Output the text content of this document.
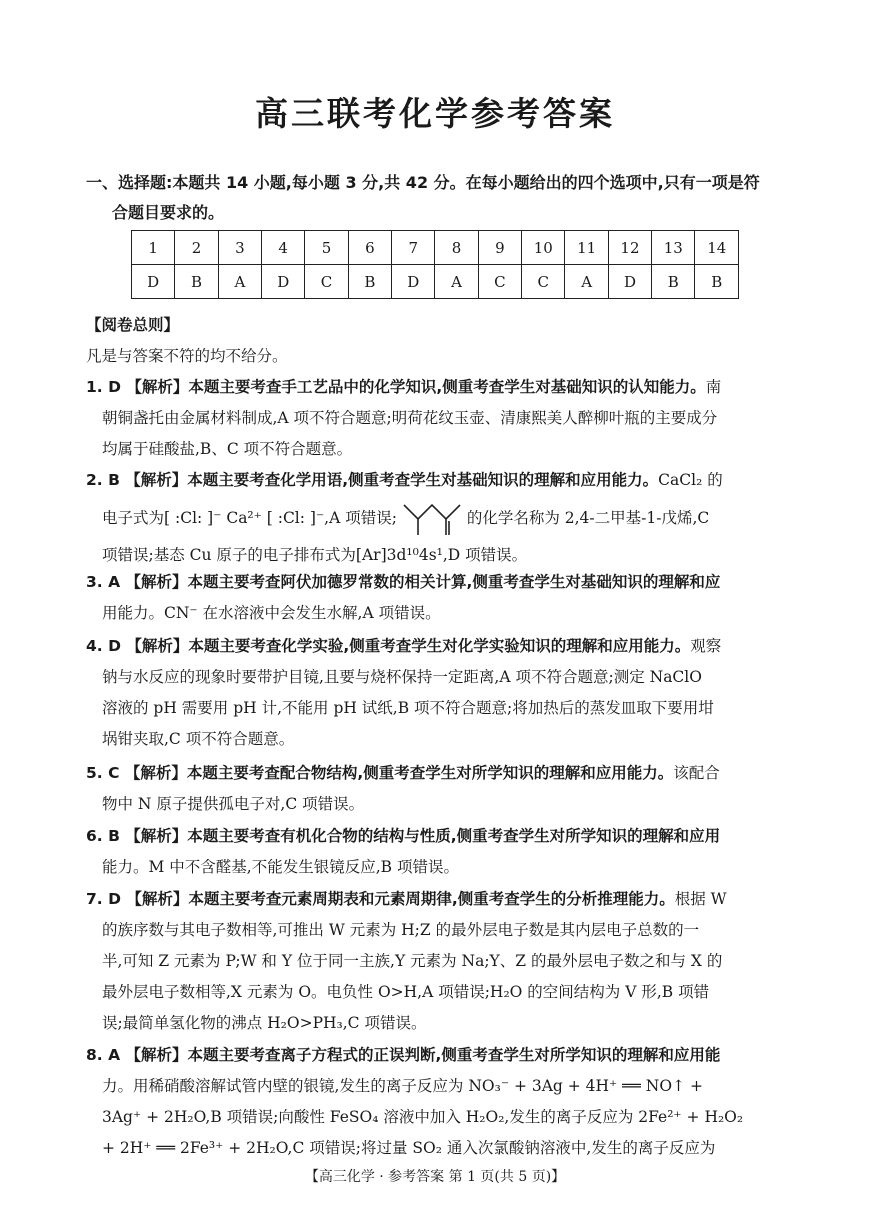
高三联考化学参考答案
一、选择题:本题共 14 小题,每小题 3 分,共 42 分。在每小题给出的四个选项中,只有一项是符
合题目要求的。
1	2	3	4	5	6	7	8	9	10	11	12	13	14
D	B	A	D	C	B	D	A	C	C	A	D	B	B
【阅卷总则】
凡是与答案不符的均不给分。
1. D 【解析】本题主要考查手工艺品中的化学知识,侧重考查学生对基础知识的认知能力。南
朝铜盏托由金属材料制成,A 项不符合题意;明荷花纹玉壶、清康熙美人醉柳叶瓶的主要成分
均属于硅酸盐,B、C 项不符合题意。
2. B 【解析】本题主要考查化学用语,侧重考查学生对基础知识的理解和应用能力。CaCl₂ 的
电子式为[ :Cl: ]⁻ Ca²⁺ [ :Cl: ]⁻,A 项错误;	的化学名称为 2,4-二甲基-1-戊烯,C
项错误;基态 Cu 原子的电子排布式为[Ar]3d¹⁰4s¹,D 项错误。
3. A 【解析】本题主要考查阿伏加德罗常数的相关计算,侧重考查学生对基础知识的理解和应
用能力。CN⁻ 在水溶液中会发生水解,A 项错误。
4. D 【解析】本题主要考查化学实验,侧重考查学生对化学实验知识的理解和应用能力。观察
钠与水反应的现象时要带护目镜,且要与烧杯保持一定距离,A 项不符合题意;测定 NaClO
溶液的 pH 需要用 pH 计,不能用 pH 试纸,B 项不符合题意;将加热后的蒸发皿取下要用坩
埚钳夹取,C 项不符合题意。
5. C 【解析】本题主要考查配合物结构,侧重考查学生对所学知识的理解和应用能力。该配合
物中 N 原子提供孤电子对,C 项错误。
6. B 【解析】本题主要考查有机化合物的结构与性质,侧重考查学生对所学知识的理解和应用
能力。M 中不含醛基,不能发生银镜反应,B 项错误。
7. D 【解析】本题主要考查元素周期表和元素周期律,侧重考查学生的分析推理能力。根据 W
的族序数与其电子数相等,可推出 W 元素为 H;Z 的最外层电子数是其内层电子总数的一
半,可知 Z 元素为 P;W 和 Y 位于同一主族,Y 元素为 Na;Y、Z 的最外层电子数之和与 X 的
最外层电子数相等,X 元素为 O。电负性 O>H,A 项错误;H₂O 的空间结构为 V 形,B 项错
误;最简单氢化物的沸点 H₂O>PH₃,C 项错误。
8. A 【解析】本题主要考查离子方程式的正误判断,侧重考查学生对所学知识的理解和应用能
力。用稀硝酸溶解试管内壁的银镜,发生的离子反应为 NO₃⁻ + 3Ag + 4H⁺ ══ NO↑ +
3Ag⁺ + 2H₂O,B 项错误;向酸性 FeSO₄ 溶液中加入 H₂O₂,发生的离子反应为 2Fe²⁺ + H₂O₂
+ 2H⁺ ══ 2Fe³⁺ + 2H₂O,C 项错误;将过量 SO₂ 通入次氯酸钠溶液中,发生的离子反应为
【高三化学 · 参考答案 第 1 页(共 5 页)】
